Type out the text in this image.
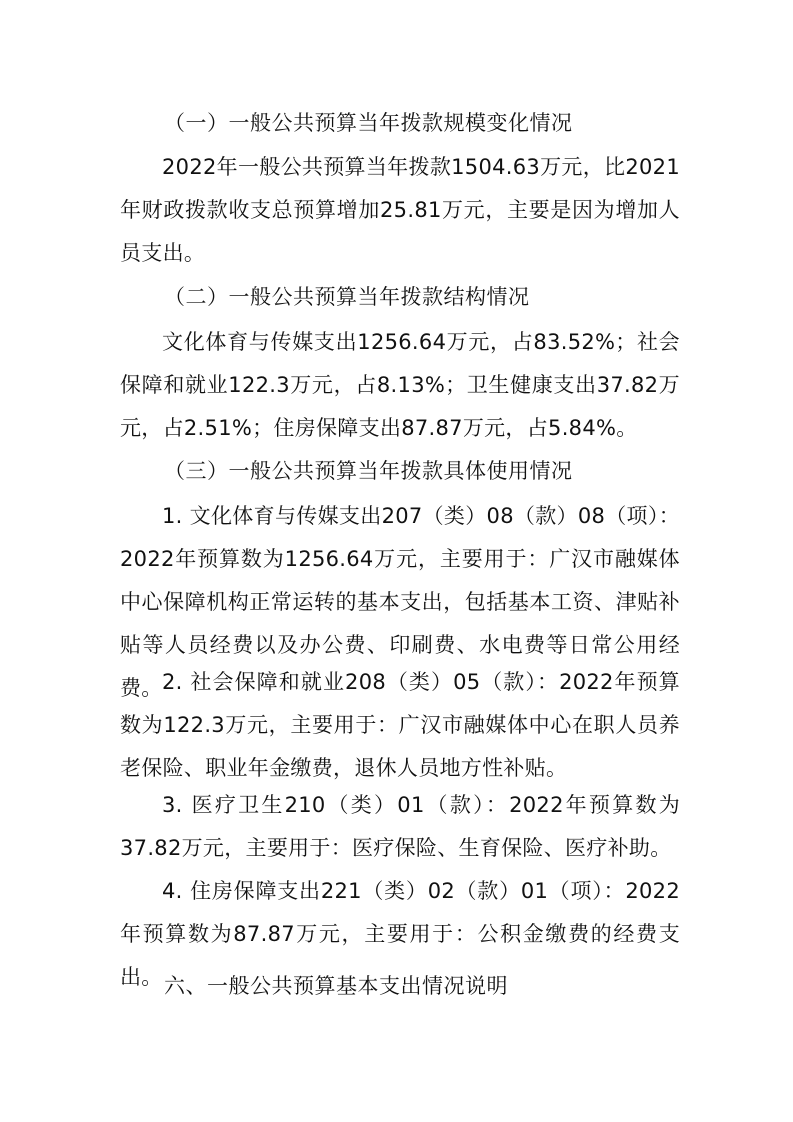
（一）一般公共预算当年拨款规模变化情况
2022年一般公共预算当年拨款1504.63万元，比2021年财政拨款收支总预算增加25.81万元，主要是因为增加人员支出。
（二）一般公共预算当年拨款结构情况
文化体育与传媒支出1256.64万元，占83.52%；社会保障和就业122.3万元，占8.13%；卫生健康支出37.82万元，占2.51%；住房保障支出87.87万元，占5.84%。
（三）一般公共预算当年拨款具体使用情况
1. 文化体育与传媒支出207（类）08（款）08（项）：2022年预算数为1256.64万元，主要用于：广汉市融媒体中心保障机构正常运转的基本支出，包括基本工资、津贴补贴等人员经费以及办公费、印刷费、水电费等日常公用经费。 2. 社会保障和就业208（类）05（款）：2022年预算数为122.3万元，主要用于：广汉市融媒体中心在职人员养老保险、职业年金缴费，退休人员地方性补贴。
3. 医疗卫生210（类）01（款）：2022年预算数为37.82万元，主要用于：医疗保险、生育保险、医疗补助。
4. 住房保障支出221（类）02（款）01（项）：2022年预算数为87.87万元，主要用于：公积金缴费的经费支出。 六、一般公共预算基本支出情况说明
